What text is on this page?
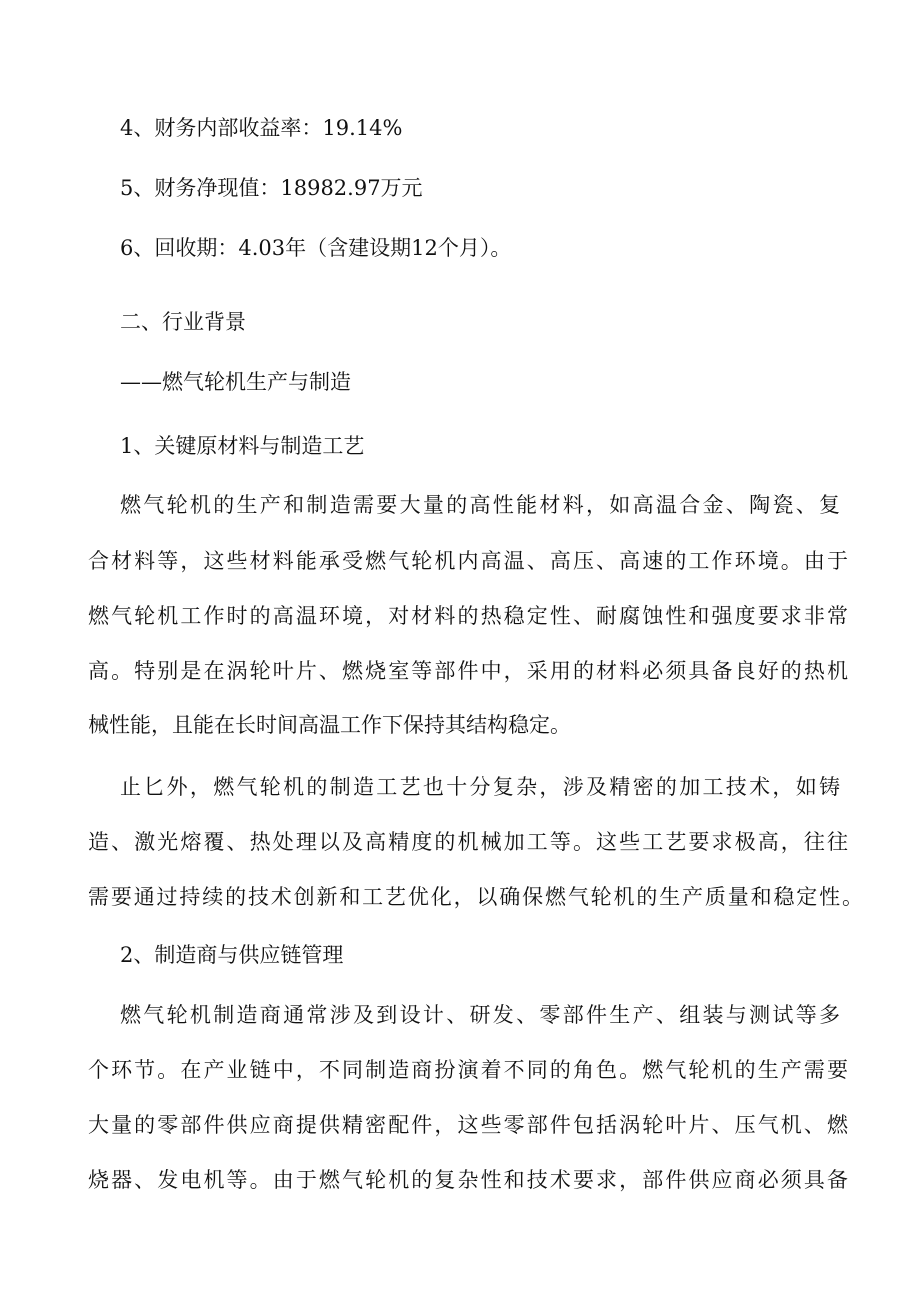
4、财务内部收益率：19.14%

5、财务净现值：18982.97万元

6、回收期：4.03年（含建设期12个月）。

二、行业背景

——燃气轮机生产与制造

1、关键原材料与制造工艺

燃气轮机的生产和制造需要大量的高性能材料，如高温合金、陶瓷、复

合材料等，这些材料能承受燃气轮机内高温、高压、高速的工作环境。由于

燃气轮机工作时的高温环境，对材料的热稳定性、耐腐蚀性和强度要求非常

高。特别是在涡轮叶片、燃烧室等部件中，采用的材料必须具备良好的热机

械性能，且能在长时间高温工作下保持其结构稳定。

止匕外，燃气轮机的制造工艺也十分复杂，涉及精密的加工技术，如铸

造、激光熔覆、热处理以及高精度的机械加工等。这些工艺要求极高，往往

需要通过持续的技术创新和工艺优化，以确保燃气轮机的生产质量和稳定性。

2、制造商与供应链管理

燃气轮机制造商通常涉及到设计、研发、零部件生产、组装与测试等多

个环节。在产业链中，不同制造商扮演着不同的角色。燃气轮机的生产需要

大量的零部件供应商提供精密配件，这些零部件包括涡轮叶片、压气机、燃

烧器、发电机等。由于燃气轮机的复杂性和技术要求，部件供应商必须具备
